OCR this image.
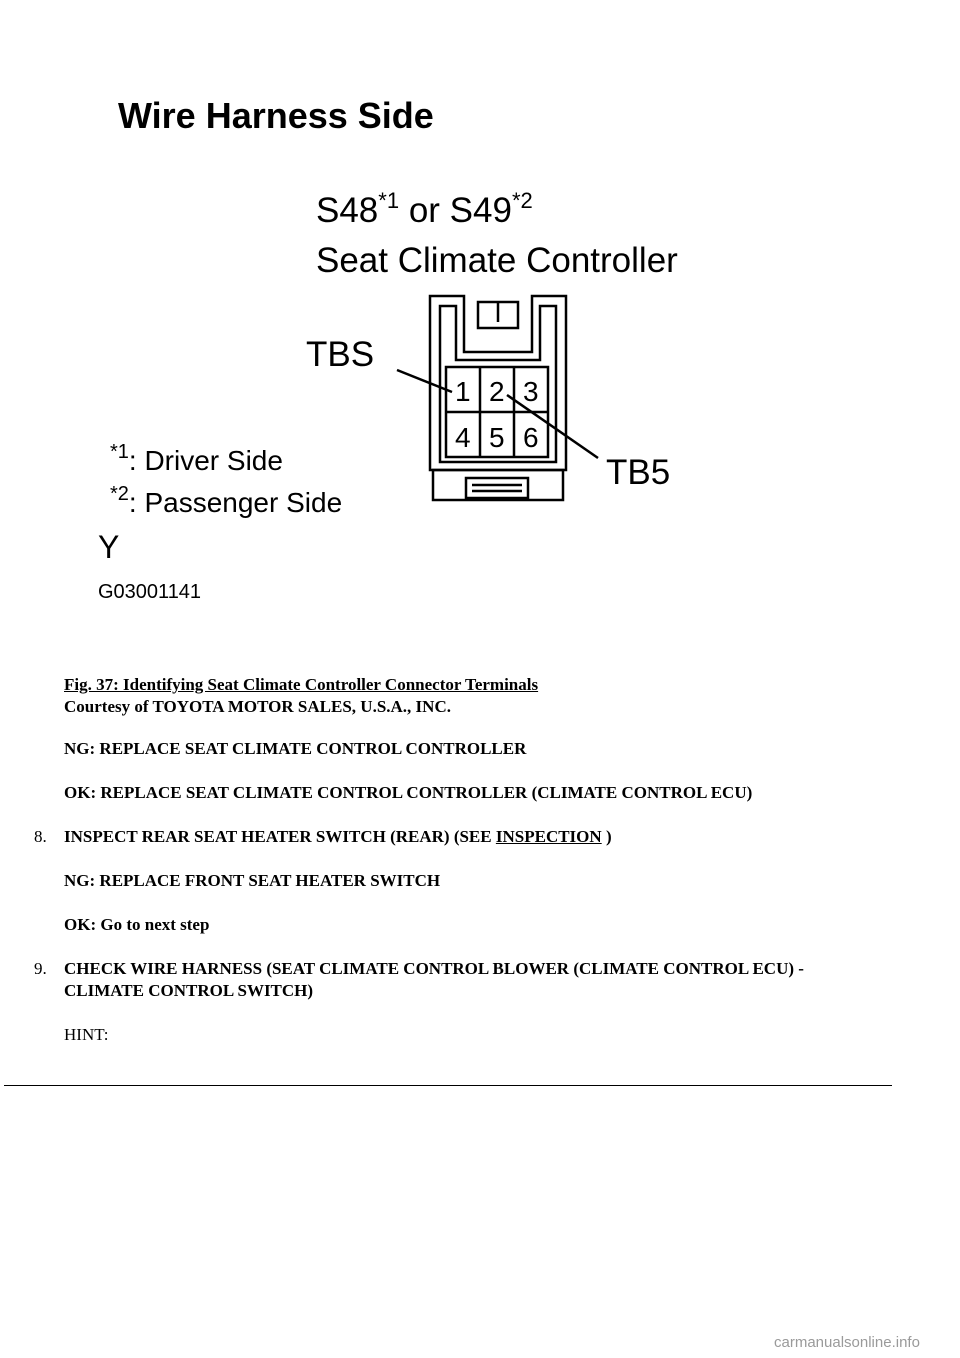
Wire Harness Side
S48$^{*1}$ or S49$^{*2}$
Seat Climate Controller
1 2 3
4 5 6
TBS
TB5
$^{*1}$: Driver Side
$^{*2}$: Passenger Side
Y
G03001141
Fig. 37: Identifying Seat Climate Controller Connector Terminals
Courtesy of TOYOTA MOTOR SALES, U.S.A., INC.
NG: REPLACE SEAT CLIMATE CONTROL CONTROLLER
OK: REPLACE SEAT CLIMATE CONTROL CONTROLLER (CLIMATE CONTROL ECU)
8. INSPECT REAR SEAT HEATER SWITCH (REAR) (SEE INSPECTION )
NG: REPLACE FRONT SEAT HEATER SWITCH
OK: Go to next step
9. CHECK WIRE HARNESS (SEAT CLIMATE CONTROL BLOWER (CLIMATE CONTROL ECU) - CLIMATE CONTROL SWITCH)
HINT:
carmanualsonline.info
